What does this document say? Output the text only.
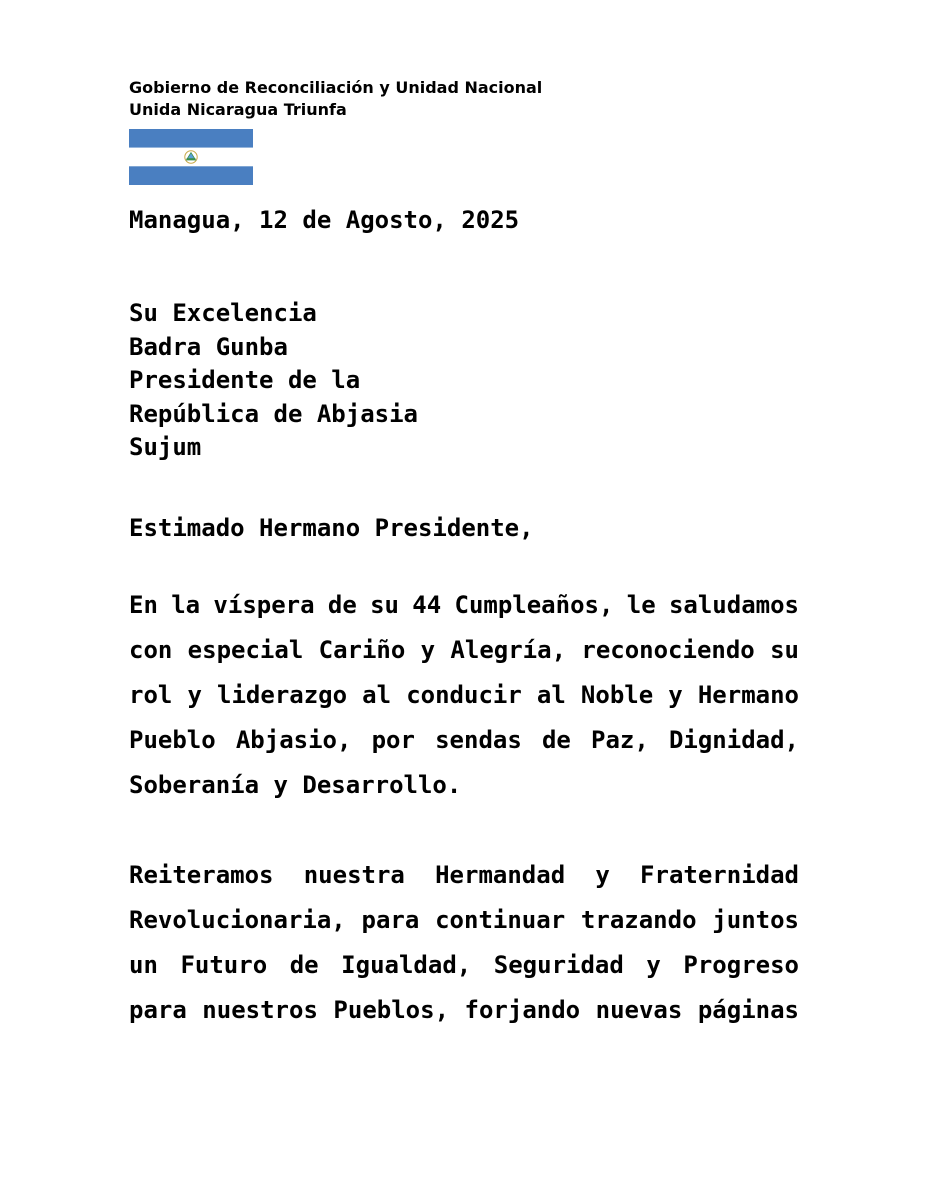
Gobierno de Reconciliación y Unidad Nacional
Unida Nicaragua Triunfa
Managua, 12 de Agosto, 2025
Su Excelencia
Badra Gunba
Presidente de la
República de Abjasia
Sujum
Estimado Hermano Presidente,
En la víspera de su 44 Cumpleaños, le saludamos
con especial Cariño y Alegría, reconociendo su
rol y liderazgo al conducir al Noble y Hermano
Pueblo Abjasio, por sendas de Paz, Dignidad,
Soberanía y Desarrollo.
Reiteramos nuestra Hermandad y Fraternidad
Revolucionaria, para continuar trazando juntos
un Futuro de Igualdad, Seguridad y Progreso
para nuestros Pueblos, forjando nuevas páginas
